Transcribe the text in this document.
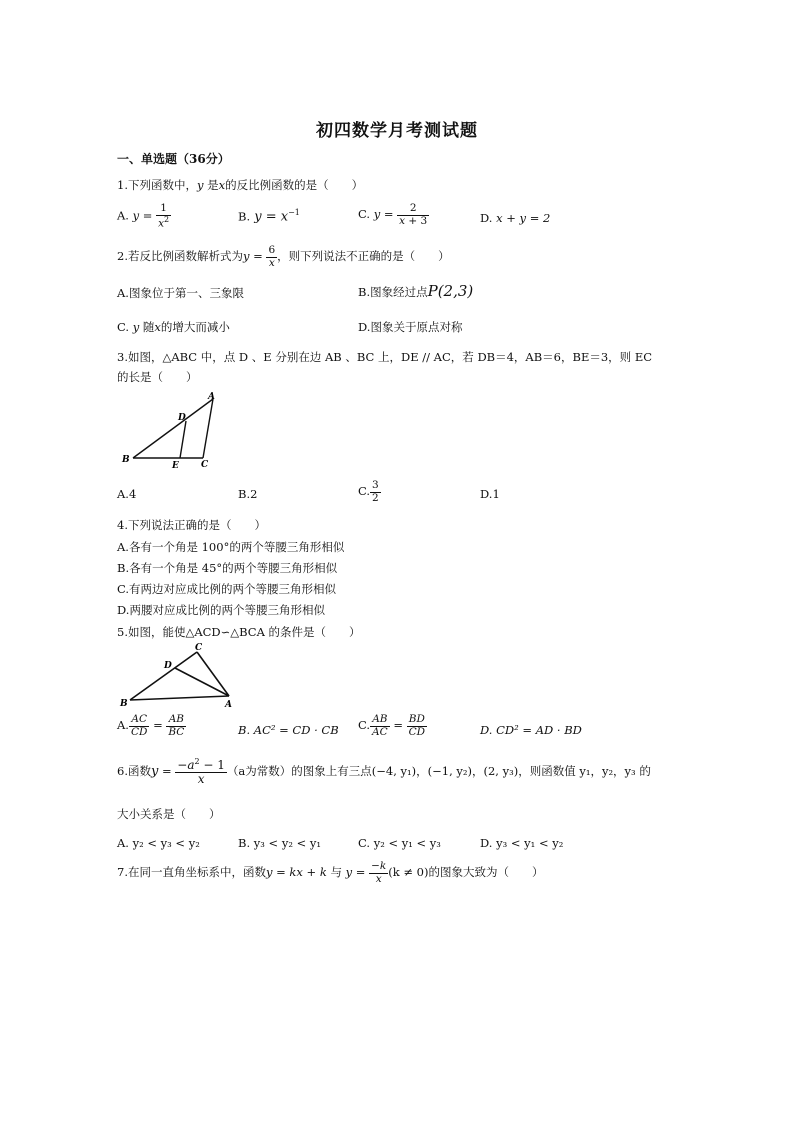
初四数学月考测试题
一、单选题（36分）
1.下列函数中，y 是x的反比例函数的是（　　）
A. $y = \frac{1}{x^2}$	B. $y = x^{-1}$	C. $y = \frac{2}{x + 3}$	D. x + y = 2
2.若反比例函数解析式为$y = \frac{6}{x}$ ，则下列说法不正确的是（　　）
A.图象位于第一、三象限	B.图象经过点P(2,3)
C. y 随x的增大而减小	D.图象关于原点对称
3.如图，△ABC 中，点 D 、E 分别在边 AB 、BC 上，DE // AC，若 DB＝4，AB＝6，BE＝3，则 EC
的长是（　　）
A
B	C
D
E
A.4	B.2	C. $\frac{3}{2}$	D.1
4.下列说法正确的是（　　）
A.各有一个角是 100°的两个等腰三角形相似
B.各有一个角是 45°的两个等腰三角形相似
C.有两边对应成比例的两个等腰三角形相似
D.两腰对应成比例的两个等腰三角形相似
5.如图，能使△ACD∽△BCA 的条件是（　　）
C
D
B	A
A. $\frac{AC}{CD} = \frac{AB}{BC}$	B. AC² = CD · CB C. $\frac{AB}{AC} = \frac{BD}{CD}$	D. CD² = AD · BD
6.函数$y = \frac{-a^2 - 1}{x} (a$为常数）的图象上有三点(−4, y₁)，(−1, y₂)，(2, y₃)，则函数值 y₁，y₂，y₃ 的
大小关系是（　　）
A. y₂ < y₃ < y₂	B. y₃ < y₂ < y₁	C. y₂ < y₁ < y₃	D. y₃ < y₁ < y₂
7.在同一直角坐标系中，函数y = kx + k 与 $y = \frac{-k}{x} (k \ne 0)$的图象大致为（　　）
